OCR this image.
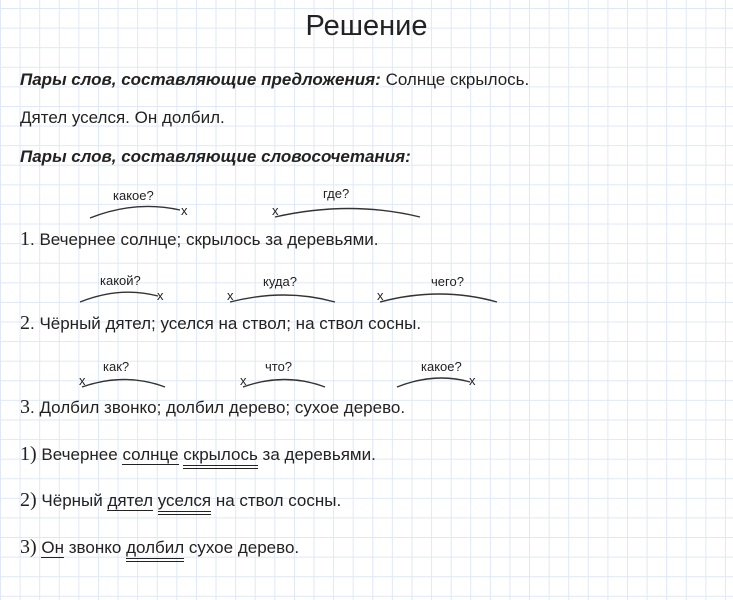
Решение
Пары слов, составляющие предложения: Солнце скрылось.
Дятел уселся. Он долбил.
Пары слов, составляющие словосочетания:
какое?
x
где?
x
какой?
x
куда?
x
чего?
x
как?
x
что?
x
какое?
x
1. Вечернее солнце; скрылось за деревьями.
2. Чёрный дятел; уселся на ствол; на ствол сосны.
3. Долбил звонко; долбил дерево; сухое дерево.
1) Вечернее солнце скрылось за деревьями.
2) Чёрный дятел уселся на ствол сосны.
3) Он звонко долбил сухое дерево.
